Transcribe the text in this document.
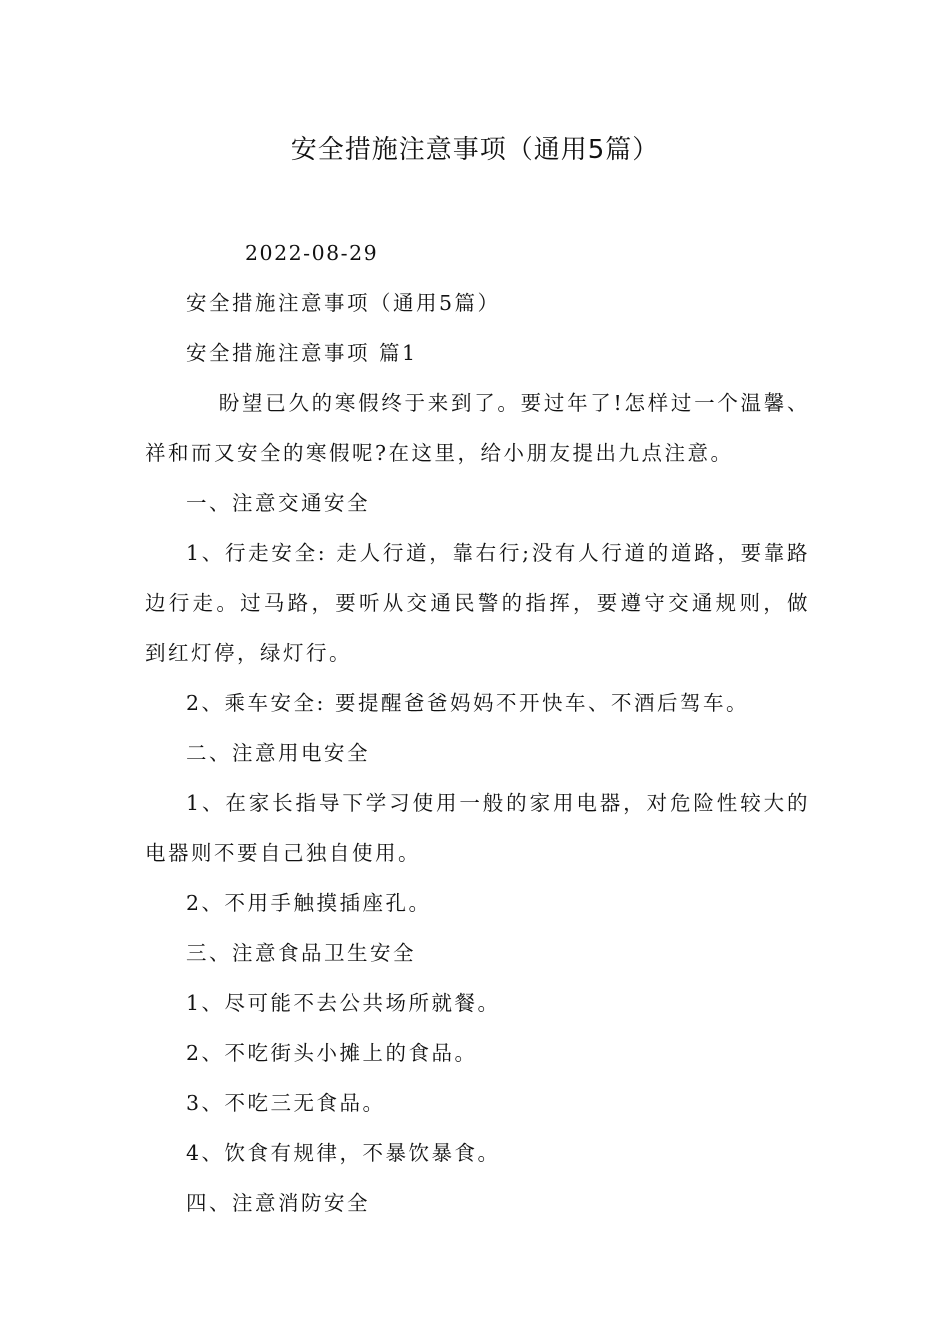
安全措施注意事项（通用5篇）

2022-08-29

安全措施注意事项（通用5篇）

安全措施注意事项 篇1

盼望已久的寒假终于来到了。要过年了!怎样过一个温馨、祥和而又安全的寒假呢?在这里，给小朋友提出九点注意。

一、注意交通安全

1、行走安全: 走人行道，靠右行;没有人行道的道路，要靠路边行走。过马路，要听从交通民警的指挥，要遵守交通规则，做到红灯停，绿灯行。

2、乘车安全: 要提醒爸爸妈妈不开快车、不酒后驾车。

二、注意用电安全

1、在家长指导下学习使用一般的家用电器，对危险性较大的电器则不要自己独自使用。

2、不用手触摸插座孔。

三、注意食品卫生安全

1、尽可能不去公共场所就餐。

2、不吃街头小摊上的食品。

3、不吃三无食品。

4、饮食有规律，不暴饮暴食。

四、注意消防安全
